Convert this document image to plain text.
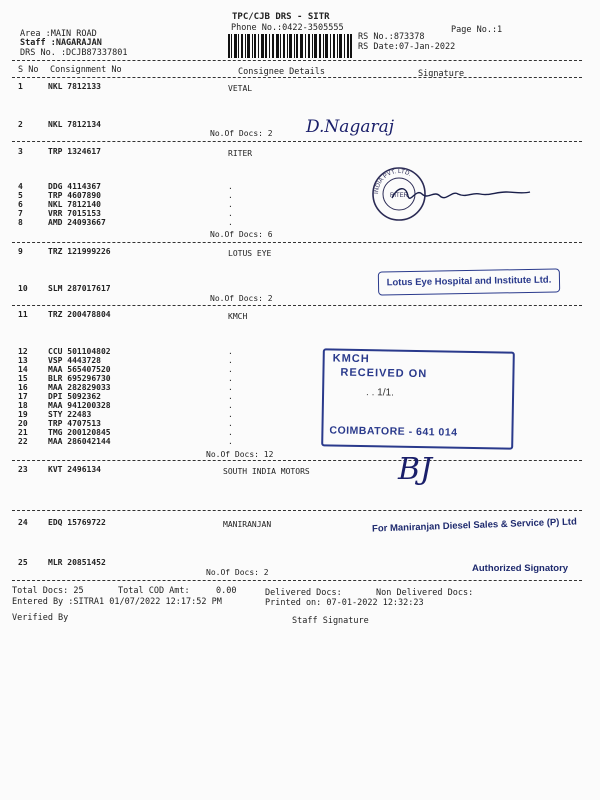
TPC/CJB DRS - SITR
Phone No.:0422-3505555	Page No.:1
Area :MAIN ROAD
Staff :NAGARAJAN
DRS No. :DCJB87337801
RS No.:873378
RS Date:07-Jan-2022
S No Consignment No	Consignee Details	Signature
1	NKL 7812133	VETAL
2	NKL 7812134
No.Of Docs: 2 D.Nagaraj
3	TRP 1324617	RITER
4	DDG 4114367	.
5	TRP 4607890	.
6	NKL 7812140	.
7	VRR 7015153	.
8	AMD 24093667	.
No.Of Docs: 6
INDIA PVT. LTD.
RITER
9	TRZ 121999226	LOTUS EYE
10	SLM 287017617
No.Of Docs: 2
Lotus Eye Hospital and Institute Ltd.
11	TRZ 200478804	KMCH
12	CCU 501104802	.
13	VSP 4443728	.
14	MAA 565407520	.
15	BLR 695296730	.
16	MAA 282829033	.
17	DPI 5092362	.
18	MAA 941200328	.
19	STY 22483	.
20	TRP 4707513	.
21	TMG 200120845	.
22	MAA 286042144	.
No.Of Docs: 12
KMCH
RECEIVED ON
. . 1/1.
COIMBATORE - 641 014
23	KVT 2496134	SOUTH INDIA MOTORS	BJ
24	EDQ 15769722	MANIRANJAN	For Maniranjan Diesel Sales & Service (P) Ltd
25	MLR 20851452
No.Of Docs: 2	Authorized Signatory
Total Docs: 25	Total COD Amt:	0.00	Delivered Docs:	Non Delivered Docs:
Entered By :SITRA1 01/07/2022 12:17:52 PM	Printed on: 07-01-2022 12:32:23
Verified By	Staff Signature
